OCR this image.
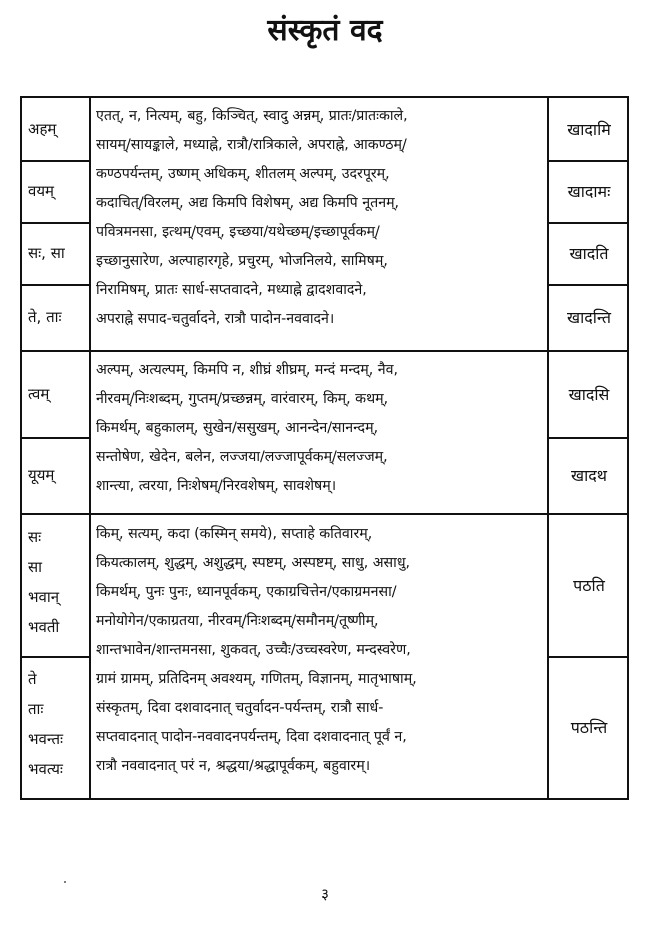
संस्कृतं वद
अहम्
वयम्
सः, सा
ते, ताः
खादामि
खादामः
खादति
खादन्ति
एतत्, न, नित्यम्, बहु, किञ्चित्, स्वादु अन्नम्, प्रातः/प्रातःकाले,
सायम्/सायङ्काले, मध्याह्ने, रात्रौ/रात्रिकाले, अपराह्ने, आकण्ठम्/
कण्ठपर्यन्तम्, उष्णम् अधिकम्, शीतलम् अल्पम्, उदरपूरम्,
कदाचित्/विरलम्, अद्य किमपि विशेषम्, अद्य किमपि नूतनम्,
पवित्रमनसा, इत्थम्/एवम्, इच्छया/यथेच्छम्/इच्छापूर्वकम्/
इच्छानुसारेण, अल्पाहारगृहे, प्रचुरम्, भोजनिलये, सामिषम्,
निरामिषम्, प्रातः सार्ध-सप्तवादने, मध्याह्ने द्वादशवादने,
अपराह्ने सपाद-चतुर्वादने, रात्रौ पादोन-नववादने।
त्वम्
यूयम्
खादसि
खादथ
अल्पम्, अत्यल्पम्, किमपि न, शीघ्रं शीघ्रम्, मन्दं मन्दम्, नैव,
नीरवम्/निःशब्दम्, गुप्तम्/प्रच्छन्नम्, वारंवारम्, किम्, कथम्,
किमर्थम्, बहुकालम्, सुखेन/ससुखम्, आनन्देन/सानन्दम्,
सन्तोषेण, खेदेन, बलेन, लज्जया/लज्जापूर्वकम्/सलज्जम्,
शान्त्या, त्वरया, निःशेषम्/निरवशेषम्, सावशेषम्।
सः
सा
भवान्
भवती
ते
ताः
भवन्तः
भवत्यः
पठति
पठन्ति
किम्, सत्यम्, कदा (कस्मिन् समये), सप्ताहे कतिवारम्,
कियत्कालम्, शुद्धम्, अशुद्धम्, स्पष्टम्, अस्पष्टम्, साधु, असाधु,
किमर्थम्, पुनः पुनः, ध्यानपूर्वकम्, एकाग्रचित्तेन/एकाग्रमनसा/
मनोयोगेन/एकाग्रतया, नीरवम्/निःशब्दम्/समौनम्/तूष्णीम्,
शान्तभावेन/शान्तमनसा, शुकवत्, उच्चैः/उच्चस्वरेण, मन्दस्वरेण,
ग्रामं ग्रामम्, प्रतिदिनम् अवश्यम्, गणितम्, विज्ञानम्, मातृभाषाम्,
संस्कृतम्, दिवा दशवादनात् चतुर्वादन-पर्यन्तम्, रात्रौ सार्ध-
सप्तवादनात् पादोन-नववादनपर्यन्तम्, दिवा दशवादनात् पूर्वं न,
रात्रौ नववादनात् परं न, श्रद्धया/श्रद्धापूर्वकम्, बहुवारम्।
३
